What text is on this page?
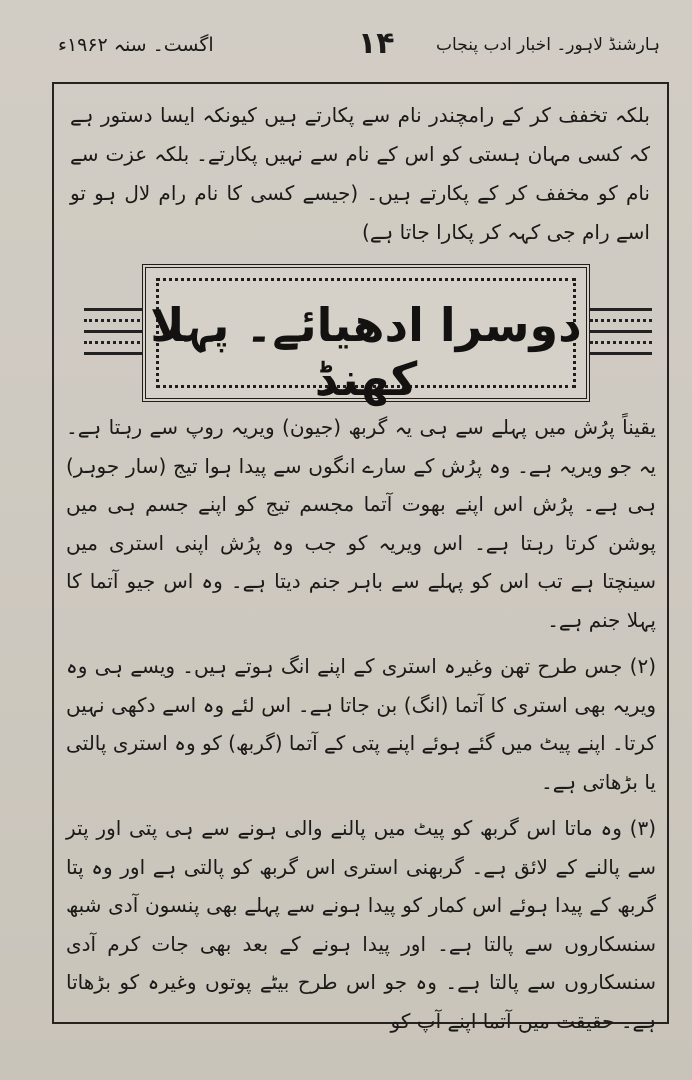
اگست۔ سنہ ۱۹۶۲ء	۱۴ ہارشنڈ لاہور۔ اخبار ادب پنجاب

بلکہ تخفف کر کے رامچندر نام سے پکارتے ہیں کیونکہ ایسا دستور ہے کہ کسی مہان ہستی کو اس کے نام سے نہیں پکارتے۔ بلکہ عزت سے نام کو مخفف کر کے پکارتے ہیں۔ (جیسے کسی کا نام رام لال ہو تو اسے رام جی کہہ کر پکارا جاتا ہے)

دوسرا ادھیائے۔ پہلا کھنڈ

یقیناً پرُش میں پہلے سے ہی یہ گربھ (جیون) ویریہ روپ سے رہتا ہے۔ یہ جو ویریہ ہے۔ وہ پرُش کے سارے انگوں سے پیدا ہوا تیج (سار جوہر) ہی ہے۔ پرُش اس اپنے بھوت آتما مجسم تیج کو اپنے جسم ہی میں پوشن کرتا رہتا ہے۔ اس ویریہ کو جب وہ پرُش اپنی استری میں سینچتا ہے تب اس کو پہلے سے باہر جنم دیتا ہے۔ وہ اس جیو آتما کا پہلا جنم ہے۔

(۲) جس طرح تھن وغیرہ استری کے اپنے انگ ہوتے ہیں۔ ویسے ہی وہ ویریہ بھی استری کا آتما (انگ) بن جاتا ہے۔ اس لئے وہ اسے دکھی نہیں کرتا۔ اپنے پیٹ میں گئے ہوئے اپنے پتی کے آتما (گربھ) کو وہ استری پالتی یا بڑھاتی ہے۔

(۳) وہ ماتا اس گربھ کو پیٹ میں پالنے والی ہونے سے ہی پتی اور پتر سے پالنے کے لائق ہے۔ گربھنی استری اس گربھ کو پالتی ہے اور وہ پتا گربھ کے پیدا ہوئے اس کمار کو پیدا ہونے سے پہلے بھی پنسون آدی شبھ سنسکاروں سے پالتا ہے۔ اور پیدا ہونے کے بعد بھی جات کرم آدی سنسکاروں سے پالتا ہے۔ وہ جو اس طرح بیٹے پوتوں وغیرہ کو بڑھاتا ہے۔ حقیقت میں آتما اپنے آپ کو
